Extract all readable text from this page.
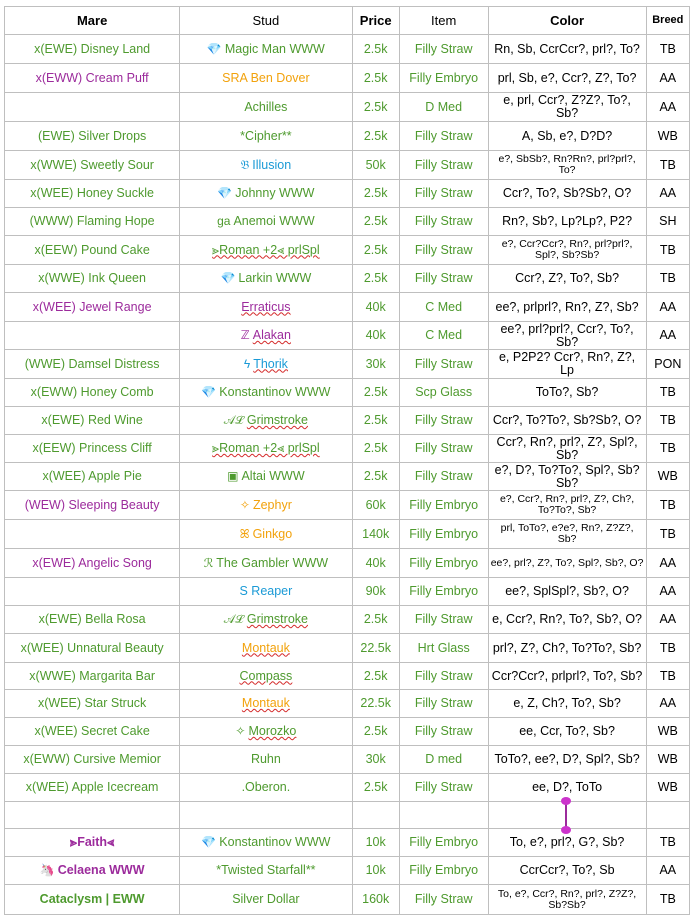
Mare	Stud	Price	Item	Color	Breed
x(EWE) Disney Land	💎 Magic Man WWW	2.5k	Filly Straw	Rn, Sb, CcrCcr?, prl?, To?	TB
x(EWW) Cream Puff	SRA Ben Dover	2.5k	Filly Embryo	prl, Sb, e?, Ccr?, Z?, To?	AA
	Achilles	2.5k	D Med	e, prl, Ccr?, Z?Z?, To?, Sb?	AA
(EWE) Silver Drops	*Cipher**	2.5k	Filly Straw	A, Sb, e?, D?D?	WB
x(WWE) Sweetly Sour	𝔅 Illusion	50k	Filly Straw	e?, SbSb?, Rn?Rn?, prl?prl?, To?	TB
x(WEE) Honey Suckle	💎 Johnny WWW	2.5k	Filly Straw	Ccr?, To?, Sb?Sb?, O?	AA
(WWW) Flaming Hope	ɡa Anemoi WWW	2.5k	Filly Straw	Rn?, Sb?, Lp?Lp?, P2?	SH
x(EEW) Pound Cake	⪢Roman +2⪡ prlSpl	2.5k	Filly Straw	e?, Ccr?Ccr?, Rn?, prl?prl?, Spl?, Sb?Sb?	TB
x(WWE) Ink Queen	💎 Larkin WWW	2.5k	Filly Straw	Ccr?, Z?, To?, Sb?	TB
x(WEE) Jewel Range	Erraticus	40k	C Med	ee?, prlprl?, Rn?, Z?, Sb?	AA
	ℤ Alakan	40k	C Med	ee?, prl?prl?, Ccr?, To?, Sb?	AA
(WWE) Damsel Distress	ϟ Thorik	30k	Filly Straw	e, P2P2? Ccr?, Rn?, Z?, Lp	PON
x(EWW) Honey Comb	💎 Konstantinov WWW	2.5k	Scp Glass	ToTo?, Sb?	TB
x(EWE) Red Wine	𝒜ℒ Grimstroke	2.5k	Filly Straw	Ccr?, To?To?, Sb?Sb?, O?	TB
x(EEW) Princess Cliff	⪢Roman +2⪡ prlSpl	2.5k	Filly Straw	Ccr?, Rn?, prl?, Z?, Spl?, Sb?	TB
x(WEE) Apple Pie	▣ Altai WWW	2.5k	Filly Straw	e?, D?, To?To?, Spl?, Sb?Sb?	WB
(WEW) Sleeping Beauty	✧ Zephyr	60k	Filly Embryo	e?, Ccr?, Rn?, prl?, Z?, Ch?, To?To?, Sb?	TB
	ꕤ Ginkgo	140k	Filly Embryo	prl, ToTo?, e?e?, Rn?, Z?Z?, Sb?	TB
x(EWE) Angelic Song	ℛ The Gambler WWW	40k	Filly Embryo	ee?, prl?, Z?, To?, Spl?, Sb?, O?	AA
	S Reaper	90k	Filly Embryo	ee?, SplSpl?, Sb?, O?	AA
x(EWE) Bella Rosa	𝒜ℒ Grimstroke	2.5k	Filly Straw	e, Ccr?, Rn?, To?, Sb?, O?	AA
x(WEE) Unnatural Beauty	Montauk	22.5k	Hrt Glass	prl?, Z?, Ch?, To?To?, Sb?	TB
x(WWE) Margarita Bar	Compass	2.5k	Filly Straw	Ccr?Ccr?, prlprl?, To?, Sb?	TB
x(WEE) Star Struck	Montauk	22.5k	Filly Straw	e, Z, Ch?, To?, Sb?	AA
x(WEE) Secret Cake	✧ Morozko	2.5k	Filly Straw	ee, Ccr, To?, Sb?	WB
x(EWW) Cursive Memior	Ruhn	30k	D med	ToTo?, ee?, D?, Spl?, Sb?	WB
x(WEE) Apple Icecream	.Oberon.	2.5k	Filly Straw	ee, D?, ToTo	WB

⪢Faith⪡	💎 Konstantinov WWW	10k	Filly Embryo	To, e?, prl?, G?, Sb?	TB
🦄 Celaena WWW	*Twisted Starfall**	10k	Filly Embryo	CcrCcr?, To?, Sb	AA
Cataclysm | EWW	Silver Dollar	160k	Filly Straw	To, e?, Ccr?, Rn?, prl?, Z?Z?, Sb?Sb?	TB
